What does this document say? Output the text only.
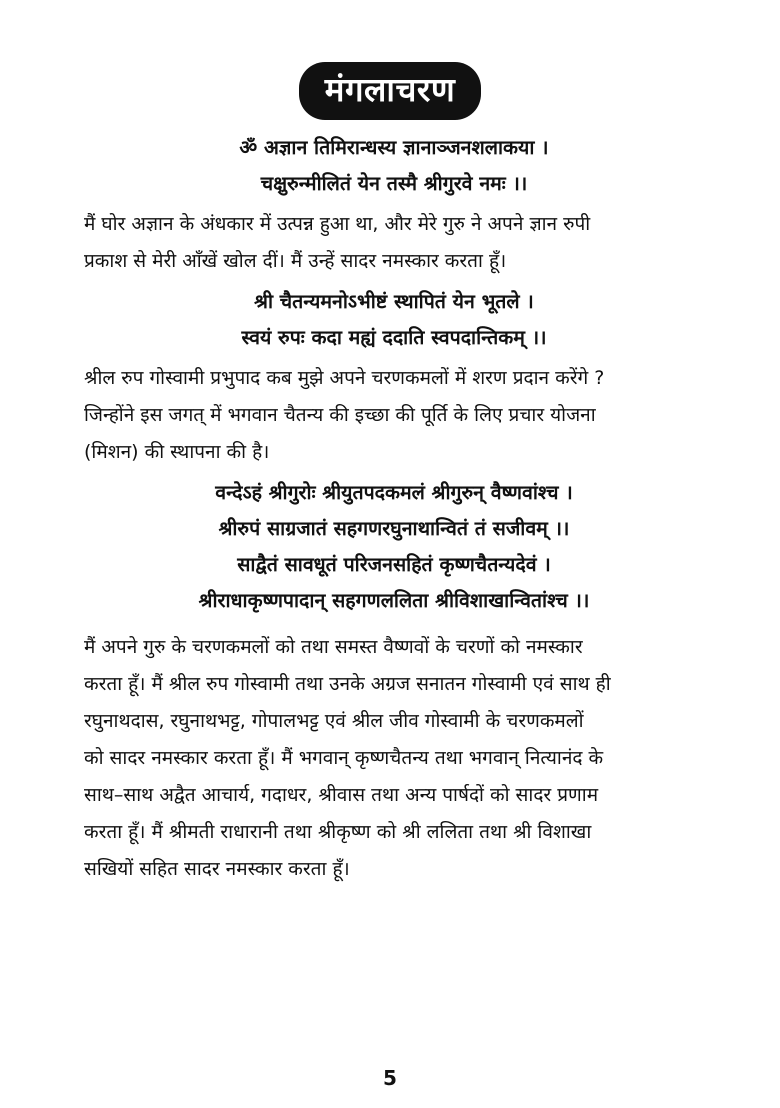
मंगलाचरण

ॐ अज्ञान तिमिरान्धस्य ज्ञानाञ्जनशलाकया ।

चक्षुरुन्मीलितं येन तस्मै श्रीगुरवे नमः ।।

मैं घोर अज्ञान के अंधकार में उत्पन्न हुआ था, और मेरे गुरु ने अपने ज्ञान रुपी
प्रकाश से मेरी आँखें खोल दीं। मैं उन्हें सादर नमस्कार करता हूँ।

श्री चैतन्यमनोऽभीष्टं स्थापितं येन भूतले ।

स्वयं रुपः कदा मह्यं ददाति स्वपदान्तिकम् ।।

श्रील रुप गोस्वामी प्रभुपाद कब मुझे अपने चरणकमलों में शरण प्रदान करेंगे ?
जिन्होंने इस जगत् में भगवान चैतन्य की इच्छा की पूर्ति के लिए प्रचार योजना
(मिशन) की स्थापना की है।

वन्देऽहं श्रीगुरोः श्रीयुतपदकमलं श्रीगुरुन् वैष्णवांश्च ।

श्रीरुपं साग्रजातं सहगणरघुनाथान्वितं तं सजीवम् ।।

साद्वैतं सावधूतं परिजनसहितं कृष्णचैतन्यदेवं ।

श्रीराधाकृष्णपादान् सहगणललिता श्रीविशाखान्वितांश्च ।।

मैं अपने गुरु के चरणकमलों को तथा समस्त वैष्णवों के चरणों को नमस्कार
करता हूँ। मैं श्रील रुप गोस्वामी तथा उनके अग्रज सनातन गोस्वामी एवं साथ ही
रघुनाथदास, रघुनाथभट्ट, गोपालभट्ट एवं श्रील जीव गोस्वामी के चरणकमलों
को सादर नमस्कार करता हूँ। मैं भगवान् कृष्णचैतन्य तथा भगवान् नित्यानंद के
साथ–साथ अद्वैत आचार्य, गदाधर, श्रीवास तथा अन्य पार्षदों को सादर प्रणाम
करता हूँ। मैं श्रीमती राधारानी तथा श्रीकृष्ण को श्री ललिता तथा श्री विशाखा
सखियों सहित सादर नमस्कार करता हूँ।
5
